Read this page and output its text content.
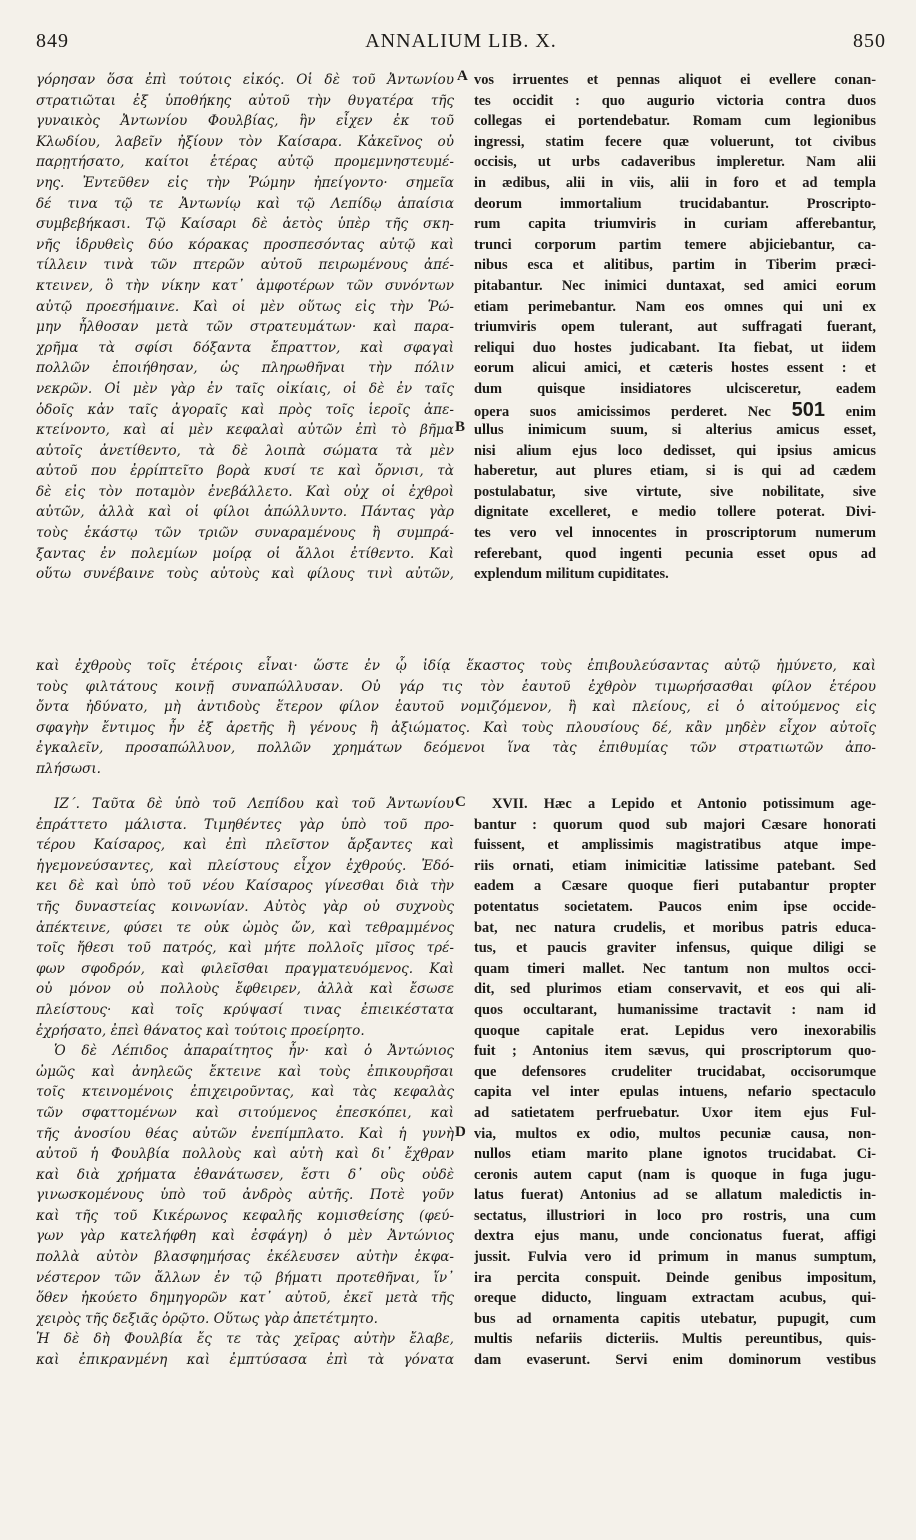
849	ANNALIUM LIB. X.	850
γόρησαν ὅσα ἐπὶ τούτοις εἰκός. Οἱ δὲ τοῦ Ἀντωνίου
στρατιῶται ἐξ ὑποθήκης αὐτοῦ τὴν θυγατέρα τῆς
γυναικὸς Ἀντωνίου Φουλβίας, ἣν εἶχεν ἐκ τοῦ
Κλωδίου, λαβεῖν ἠξίουν τὸν Καίσαρα. Κἀκεῖνος οὐ
παρῃτήσατο, καίτοι ἑτέρας αὐτῷ προμεμνηστευμέ-
νης. Ἐντεῦθεν εἰς τὴν Ῥώμην ἠπείγοντο· σημεῖα
δέ τινα τῷ τε Ἀντωνίῳ καὶ τῷ Λεπίδῳ ἀπαίσια
συμβεβήκασι. Τῷ Καίσαρι δὲ ἀετὸς ὑπὲρ τῆς σκη-
νῆς ἱδρυθεὶς δύο κόρακας προσπεσόντας αὐτῷ καὶ
τίλλειν τινὰ τῶν πτερῶν αὐτοῦ πειρωμένους ἀπέ-
κτεινεν, ὃ τὴν νίκην κατ᾽ ἀμφοτέρων τῶν συνόντων
αὐτῷ προεσήμαινε. Καὶ οἱ μὲν οὕτως εἰς τὴν Ῥώ-
μην ἦλθοσαν μετὰ τῶν στρατευμάτων· καὶ παρα-
χρῆμα τὰ σφίσι δόξαντα ἔπραττον, καὶ σφαγαὶ
πολλῶν ἐποιήθησαν, ὡς πληρωθῆναι τὴν πόλιν
νεκρῶν. Οἱ μὲν γὰρ ἐν ταῖς οἰκίαις, οἱ δὲ ἐν ταῖς
ὁδοῖς κἀν ταῖς ἀγοραῖς καὶ πρὸς τοῖς ἱεροῖς ἀπε-
κτείνοντο, καὶ αἱ μὲν κεφαλαὶ αὐτῶν ἐπὶ τὸ βῆμα
αὐτοῖς ἀνετίθεντο, τὰ δὲ λοιπὰ σώματα τὰ μὲν
αὐτοῦ που ἐρρίπτεῖτο βορὰ κυσί τε καὶ ὄρνισι, τὰ
δὲ εἰς τὸν ποταμὸν ἐνεβάλλετο. Καὶ οὐχ οἱ ἐχθροὶ
αὐτῶν, ἀλλὰ καὶ οἱ φίλοι ἀπώλλυντο. Πάντας γὰρ
τοὺς ἑκάστῳ τῶν τριῶν συναραμένους ἢ συμπρά-
ξαντας ἐν πολεμίων μοίρᾳ οἱ ἄλλοι ἐτίθεντο. Καὶ
οὕτω συνέβαινε τοὺς αὐτοὺς καὶ φίλους τινὶ αὐτῶν,
vos irruentes et pennas aliquot ei evellere conan-
tes occidit : quo augurio victoria contra duos
collegas ei portendebatur. Romam cum legionibus
ingressi, statim fecere quæ voluerunt, tot civibus
occisis, ut urbs cadaveribus impleretur. Nam alii
in ædibus, alii in viis, alii in foro et ad templa
deorum immortalium trucidabantur. Proscripto-
rum capita triumviris in curiam afferebantur,
trunci corporum partim temere abjiciebantur, ca-
nibus esca et alitibus, partim in Tiberim præci-
pitabantur. Nec inimici duntaxat, sed amici eorum
etiam perimebantur. Nam eos omnes qui uni ex
triumviris opem tulerant, aut suffragati fuerant,
reliqui duo hostes judicabant. Ita fiebat, ut iidem
eorum alicui amici, et cæteris hostes essent : et
dum quisque insidiatores ulcisceretur, eadem
opera suos amicissimos perderet. Nec 501 enim
ullus inimicum suum, si alterius amicus esset,
nisi alium ejus loco dedisset, qui ipsius amicus
haberetur, aut plures etiam, si is qui ad cædem
postulabatur, sive virtute, sive nobilitate, sive
dignitate excelleret, e medio tollere poterat. Divi-
tes vero vel innocentes in proscriptorum numerum
referebant, quod ingenti pecunia esset opus ad
explendum militum cupiditates.
καὶ ἐχθροὺς τοῖς ἑτέροις εἶναι· ὥστε ἐν ᾧ ἰδίᾳ ἕκαστος τοὺς ἐπιβουλεύσαντας αὐτῷ ἠμύνετο, καὶ
τοὺς φιλτάτους κοινῇ συναπώλλυσαν. Οὐ γάρ τις τὸν ἑαυτοῦ ἐχθρὸν τιμωρήσασθαι φίλον ἑτέρου
ὄντα ἠδύνατο, μὴ ἀντιδοὺς ἕτερον φίλον ἑαυτοῦ νομιζόμενον, ἢ καὶ πλείους, εἰ ὁ αἰτούμενος εἰς
σφαγὴν ἔντιμος ἦν ἐξ ἀρετῆς ἢ γένους ἢ ἀξιώματος. Καὶ τοὺς πλουσίους δέ, κἂν μηδὲν εἶχον αὐτοῖς
ἐγκαλεῖν, προσαπώλλυον, πολλῶν χρημάτων δεόμενοι ἵνα τὰς ἐπιθυμίας τῶν στρατιωτῶν ἀπο-
πλήσωσι.
ΙΖ΄. Ταῦτα δὲ ὑπὸ τοῦ Λεπίδου καὶ τοῦ Ἀντωνίου
ἐπράττετο μάλιστα. Τιμηθέντες γὰρ ὑπὸ τοῦ προ-
τέρου Καίσαρος, καὶ ἐπὶ πλεῖστον ἄρξαντες καὶ
ἡγεμονεύσαντες, καὶ πλείστους εἶχον ἐχθρούς. Ἐδό-
κει δὲ καὶ ὑπὸ τοῦ νέου Καίσαρος γίνεσθαι διὰ τὴν
τῆς δυναστείας κοινωνίαν. Αὐτὸς γὰρ οὐ συχνοὺς
ἀπέκτεινε, φύσει τε οὐκ ὠμὸς ὤν, καὶ τεθραμμένος
τοῖς ἤθεσι τοῦ πατρός, καὶ μήτε πολλοῖς μῖσος τρέ-
φων σφοδρόν, καὶ φιλεῖσθαι πραγματευόμενος. Καὶ
οὐ μόνον οὐ πολλοὺς ἔφθειρεν, ἀλλὰ καὶ ἔσωσε
πλείστους· καὶ τοῖς κρύψασί τινας ἐπιεικέστατα
ἐχρήσατο, ἐπεὶ θάνατος καὶ τούτοις προείρητο.
Ὁ δὲ Λέπιδος ἀπαραίτητος ἦν· καὶ ὁ Ἀντώνιος
ὠμῶς καὶ ἀνηλεῶς ἔκτεινε καὶ τοὺς ἐπικουρῆσαι
τοῖς κτεινομένοις ἐπιχειροῦντας, καὶ τὰς κεφαλὰς
τῶν σφαττομένων καὶ σιτούμενος ἐπεσκόπει, καὶ
τῆς ἀνοσίου θέας αὐτῶν ἐνεπίμπλατο. Καὶ ἡ γυνὴ
αὐτοῦ ἡ Φουλβία πολλοὺς καὶ αὐτὴ καὶ δι᾽ ἔχθραν
καὶ διὰ χρήματα ἐθανάτωσεν, ἔστι δ᾽ οὓς οὐδὲ
γινωσκομένους ὑπὸ τοῦ ἀνδρὸς αὐτῆς. Ποτὲ γοῦν
καὶ τῆς τοῦ Κικέρωνος κεφαλῆς κομισθείσης (φεύ-
γων γὰρ κατελήφθη καὶ ἐσφάγη) ὁ μὲν Ἀντώνιος
πολλὰ αὐτὸν βλασφημήσας ἐκέλευσεν αὐτὴν ἐκφα-
νέστερον τῶν ἄλλων ἐν τῷ βήματι προτεθῆναι, ἵν᾽
ὅθεν ἠκούετο δημηγορῶν κατ᾽ αὐτοῦ, ἐκεῖ μετὰ τῆς
χειρὸς τῆς δεξιᾶς ὁρῷτο. Οὕτως γὰρ ἀπετέτμητο.
Ἡ δὲ δὴ Φουλβία ἔς τε τὰς χεῖρας αὐτὴν ἔλαβε,
καὶ ἐπικρανμένη καὶ ἐμπτύσασα ἐπὶ τὰ γόνατα
XVII. Hæc a Lepido et Antonio potissimum age-
bantur : quorum quod sub majori Cæsare honorati
fuissent, et amplissimis magistratibus atque impe-
riis ornati, etiam inimicitiæ latissime patebant. Sed
eadem a Cæsare quoque fieri putabantur propter
potentatus societatem. Paucos enim ipse occide-
bat, nec natura crudelis, et moribus patris educa-
tus, et paucis graviter infensus, quique diligi se
quam timeri mallet. Nec tantum non multos occi-
dit, sed plurimos etiam conservavit, et eos qui ali-
quos occultarant, humanissime tractavit : nam id
quoque capitale erat. Lepidus vero inexorabilis
fuit ; Antonius item sævus, qui proscriptorum quo-
que defensores crudeliter trucidabat, occisorumque
capita vel inter epulas intuens, nefario spectaculo
ad satietatem perfruebatur. Uxor item ejus Ful-
via, multos ex odio, multos pecuniæ causa, non-
nullos etiam marito plane ignotos trucidabat. Ci-
ceronis autem caput (nam is quoque in fuga jugu-
latus fuerat) Antonius ad se allatum maledictis in-
sectatus, illustriori in loco pro rostris, una cum
dextra ejus manu, unde concionatus fuerat, affigi
jussit. Fulvia vero id primum in manus sumptum,
ira percita conspuit. Deinde genibus impositum,
oreque diducto, linguam extractam acubus, qui-
bus ad ornamenta capitis utebatur, pupugit, cum
multis nefariis dicteriis. Multis pereuntibus, quis-
dam evaserunt. Servi enim dominorum vestibus
A
B
C
D
